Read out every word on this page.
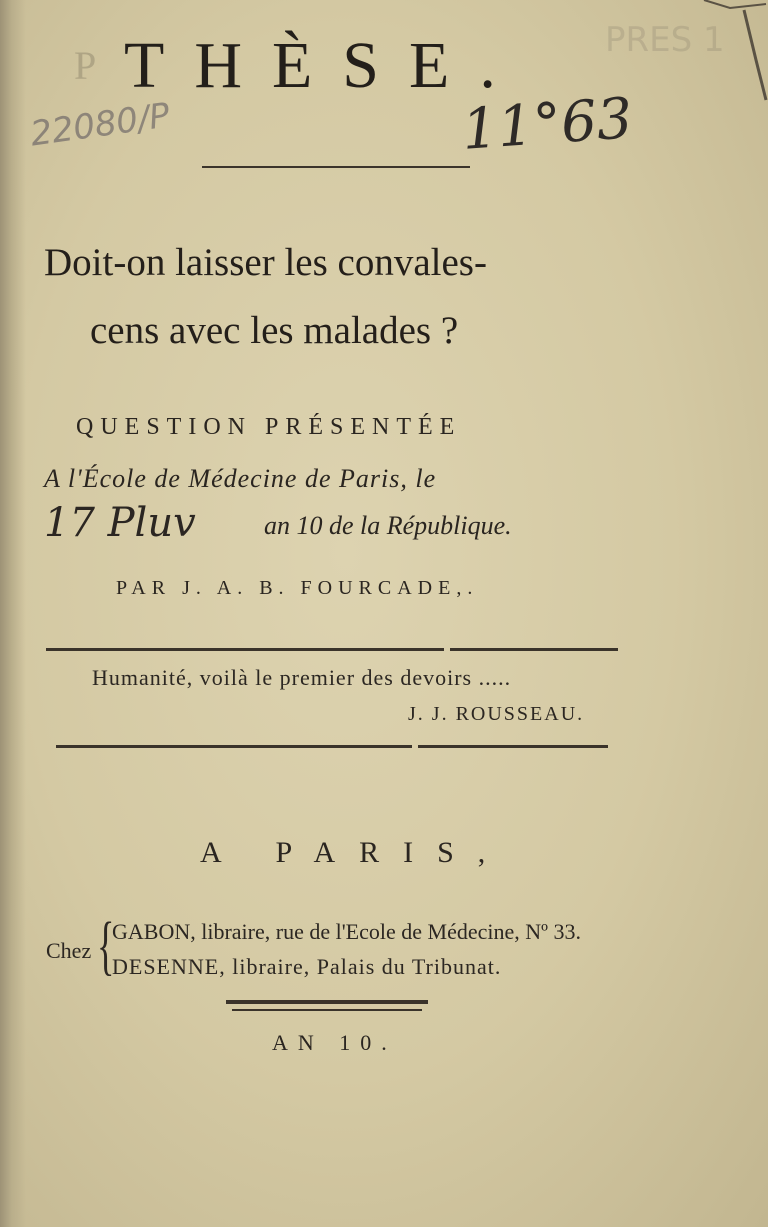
P
PRES 1
THÈSE.
22080/P	11°63
Doit-on laisser les convales-
cens avec les malades ?
QUESTION PRÉSENTÉE
A l'École de Médecine de Paris, le
17 Pluv	an 10 de la République.
PAR J. A. B. FOURCADE,.
Humanité, voilà le premier des devoirs .....
J. J. ROUSSEAU.
A PARIS,
Chez {
GABON, libraire, rue de l'Ecole de Médecine, Nº 33.
DESENNE, libraire, Palais du Tribunat.
AN 10.
